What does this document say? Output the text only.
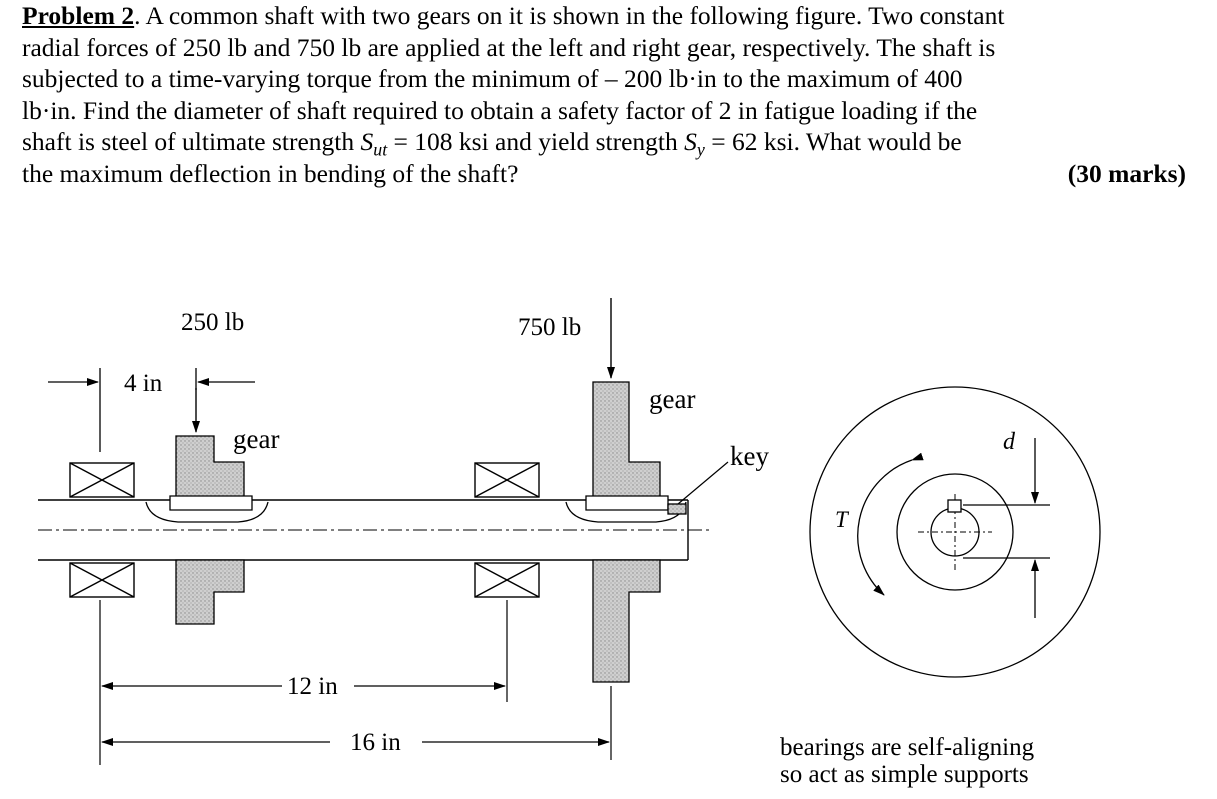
Problem 2. A common shaft with two gears on it is shown in the following figure. Two constant
radial forces of 250 lb and 750 lb are applied at the left and right gear, respectively. The shaft is
subjected to a time-varying torque from the minimum of – 200 lb·in to the maximum of 400
lb·in. Find the diameter of shaft required to obtain a safety factor of 2 in fatigue loading if the
shaft is steel of ultimate strength $S_{ut} = 108$ ksi and yield strength $S_y = 62$ ksi. What would be
the maximum deflection in bending of the shaft?	(30 marks)
250 lb	750 lb
4 in
gear
gear
key
T
d
12 in
16 in	bearings are self-aligning
so act as simple supports
